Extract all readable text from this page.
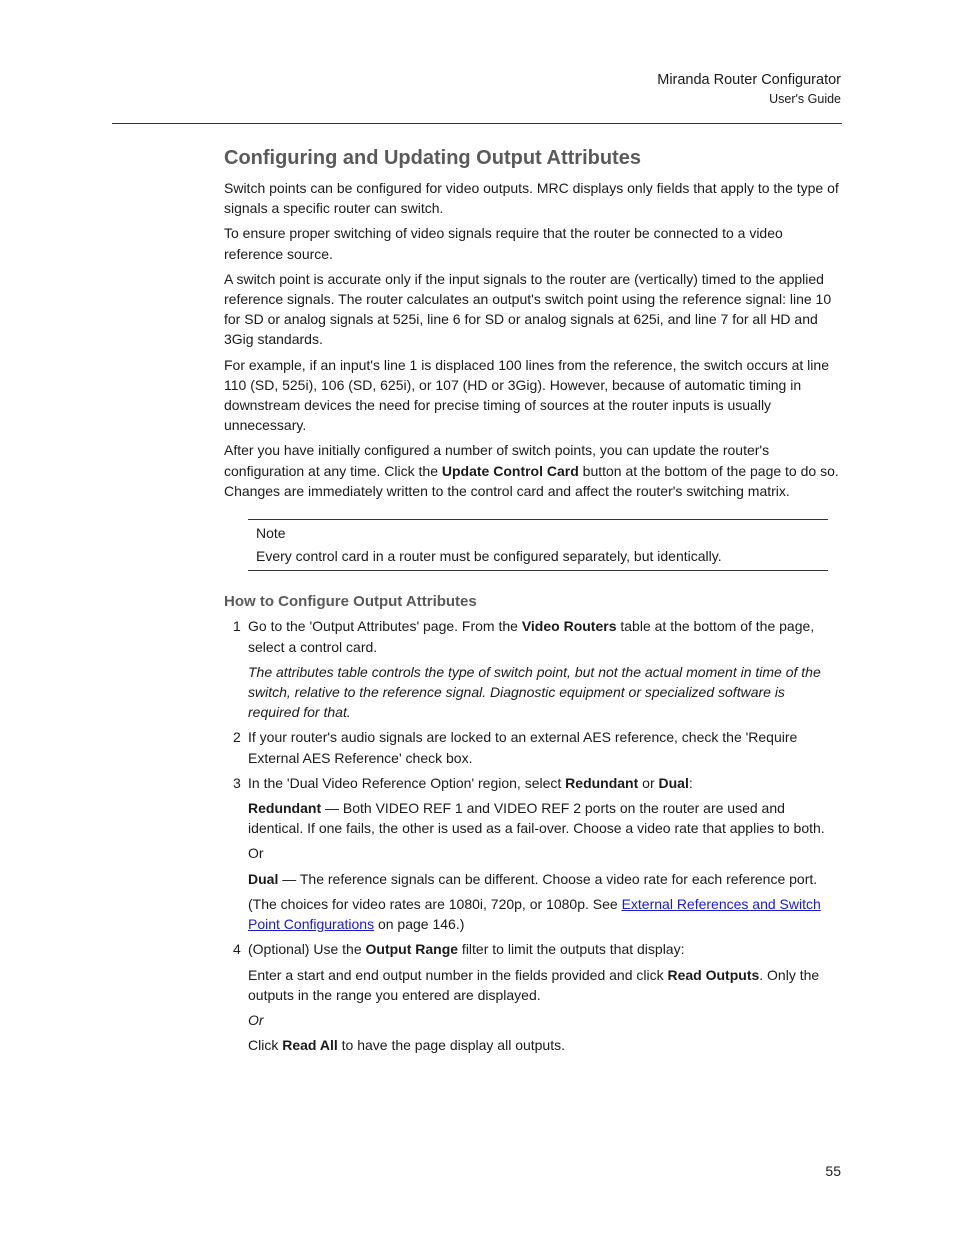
Miranda Router Configurator
User's Guide
Configuring and Updating Output Attributes

Switch points can be configured for video outputs. MRC displays only fields that apply to the type of signals a specific router can switch.

To ensure proper switching of video signals require that the router be connected to a video reference source.

A switch point is accurate only if the input signals to the router are (vertically) timed to the applied reference signals. The router calculates an output's switch point using the reference signal: line 10 for SD or analog signals at 525i, line 6 for SD or analog signals at 625i, and line 7 for all HD and 3Gig standards.

For example, if an input's line 1 is displaced 100 lines from the reference, the switch occurs at line 110 (SD, 525i), 106 (SD, 625i), or 107 (HD or 3Gig). However, because of automatic timing in downstream devices the need for precise timing of sources at the router inputs is usually unnecessary.

After you have initially configured a number of switch points, you can update the router's configuration at any time. Click the Update Control Card button at the bottom of the page to do so. Changes are immediately written to the control card and affect the router's switching matrix.

Note

Every control card in a router must be configured separately, but identically.

How to Configure Output Attributes
1 Go to the 'Output Attributes' page. From the Video Routers table at the bottom of the page, select a control card.

The attributes table controls the type of switch point, but not the actual moment in time of the switch, relative to the reference signal. Diagnostic equipment or specialized software is required for that.

2 If your router's audio signals are locked to an external AES reference, check the 'Require External AES Reference' check box.

3 In the 'Dual Video Reference Option' region, select Redundant or Dual:

Redundant — Both VIDEO REF 1 and VIDEO REF 2 ports on the router are used and identical. If one fails, the other is used as a fail-over. Choose a video rate that applies to both.

Or

Dual — The reference signals can be different. Choose a video rate for each reference port.

(The choices for video rates are 1080i, 720p, or 1080p. See External References and Switch Point Configurations on page 146.)

4 (Optional) Use the Output Range filter to limit the outputs that display:

Enter a start and end output number in the fields provided and click Read Outputs. Only the outputs in the range you entered are displayed.

Or

Click Read All to have the page display all outputs.

55
